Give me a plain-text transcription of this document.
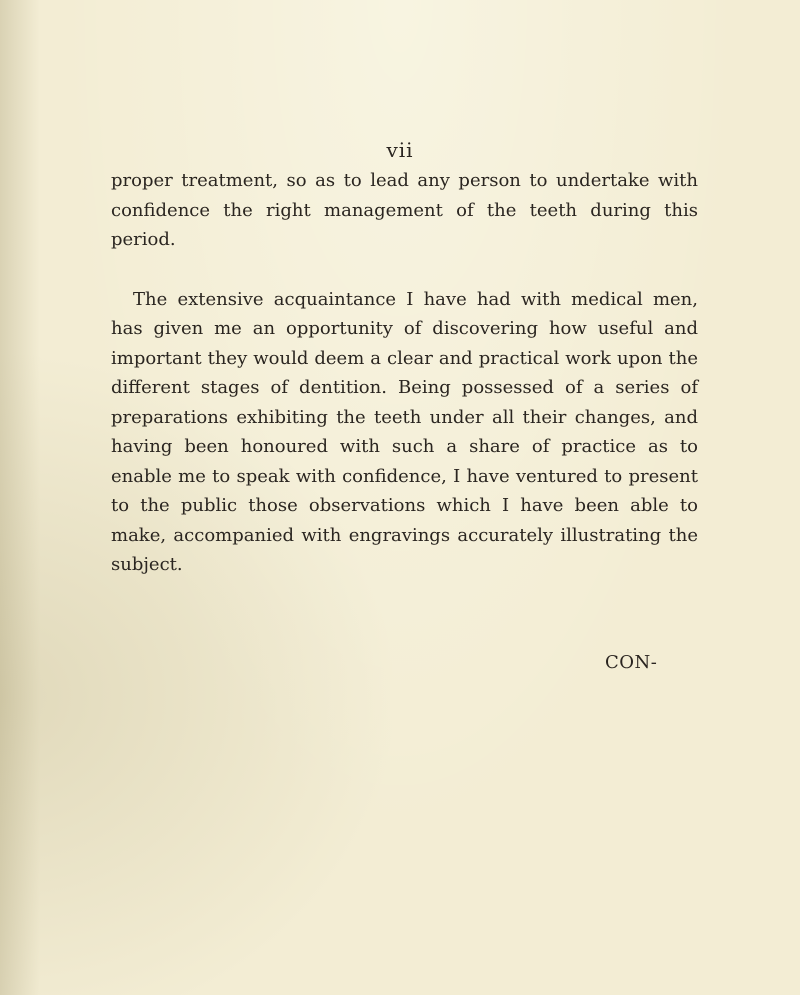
vii

proper treatment, so as to lead any person to undertake with confidence the right management of the teeth during this period.

The extensive acquaintance I have had with medical men, has given me an opportunity of discovering how useful and important they would deem a clear and practical work upon the different stages of dentition. Being possessed of a series of preparations exhibiting the teeth under all their changes, and having been honoured with such a share of practice as to enable me to speak with confidence, I have ventured to present to the public those observations which I have been able to make, accompanied with engravings accurately illustrating the subject.

CON-
